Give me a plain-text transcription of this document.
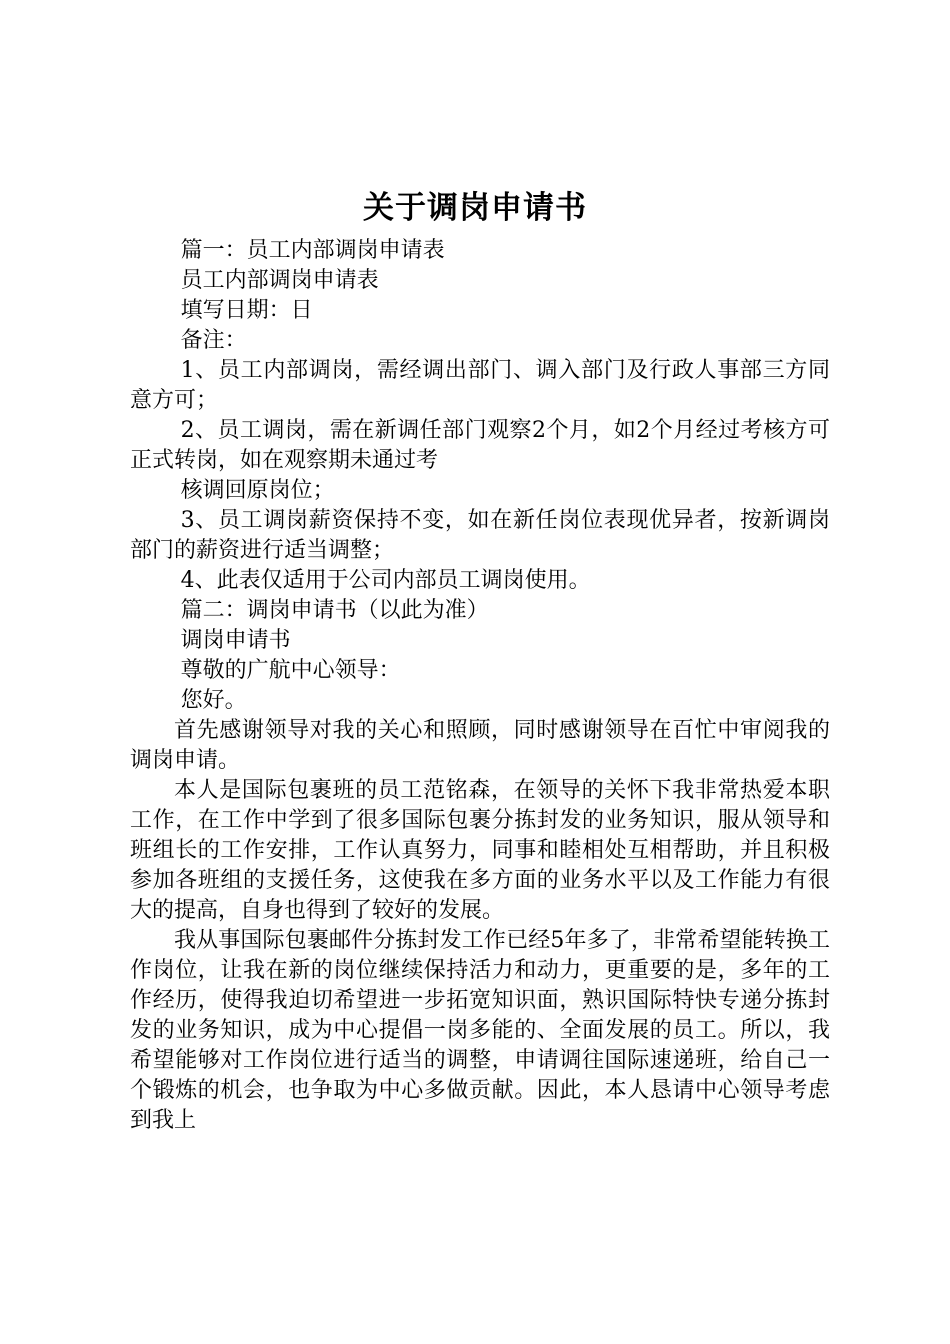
关于调岗申请书

篇一：员工内部调岗申请表

员工内部调岗申请表

填写日期：日

备注：

1、员工内部调岗，需经调出部门、调入部门及行政人事部三方同意方可；

2、员工调岗，需在新调任部门观察2个月，如2个月经过考核方可正式转岗，如在观察期未通过考

核调回原岗位；

3、员工调岗薪资保持不变，如在新任岗位表现优异者，按新调岗部门的薪资进行适当调整；

4、此表仅适用于公司内部员工调岗使用。

篇二：调岗申请书（以此为准）

调岗申请书

尊敬的广航中心领导：

您好。

首先感谢领导对我的关心和照顾，同时感谢领导在百忙中审阅我的调岗申请。

本人是国际包裹班的员工范铭森，在领导的关怀下我非常热爱本职工作，在工作中学到了很多国际包裹分拣封发的业务知识，服从领导和班组长的工作安排，工作认真努力，同事和睦相处互相帮助，并且积极参加各班组的支援任务，这使我在多方面的业务水平以及工作能力有很大的提高，自身也得到了较好的发展。

我从事国际包裹邮件分拣封发工作已经5年多了，非常希望能转换工作岗位，让我在新的岗位继续保持活力和动力，更重要的是，多年的工作经历，使得我迫切希望进一步拓宽知识面，熟识国际特快专递分拣封发的业务知识，成为中心提倡一岗多能的、全面发展的员工。所以，我希望能够对工作岗位进行适当的调整，申请调往国际速递班，给自己一个锻炼的机会，也争取为中心多做贡献。因此，本人恳请中心领导考虑到我上
